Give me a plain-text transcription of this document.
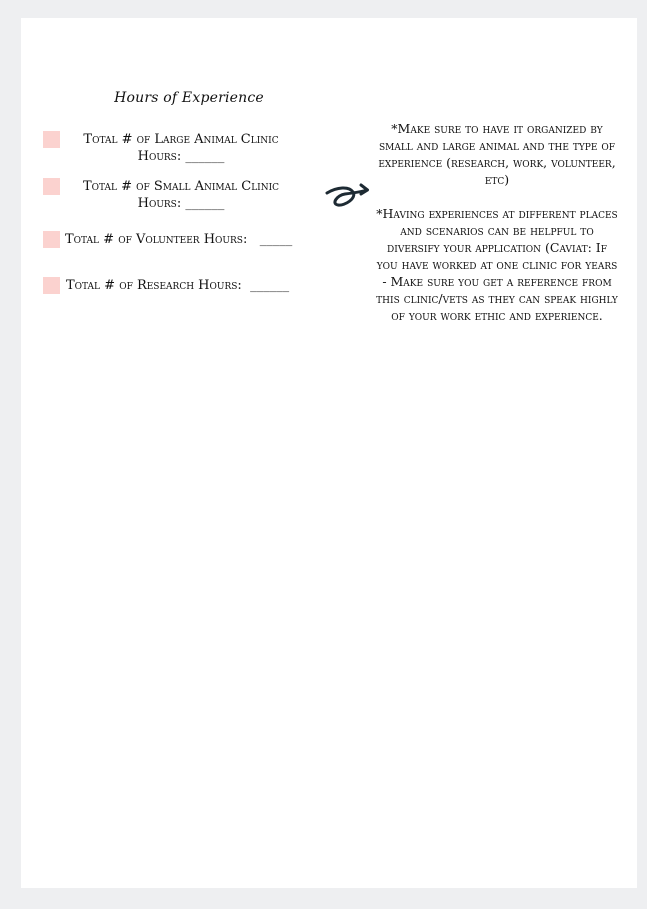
Hours of Experience
Total # of Large Animal Clinic
Hours: ______
Total # of Small Animal Clinic
Hours: ______
Total # of Volunteer Hours:   _____
Total # of Research Hours:  ______
*Make sure to have it organized by small and large animal and the type of experience (research, work, volunteer, etc)
*Having experiences at different places and scenarios can be helpful to diversify your application (Caviat: If you have worked at one clinic for years - Make sure you get a reference from this clinic/vets as they can speak highly of your work ethic and experience.
